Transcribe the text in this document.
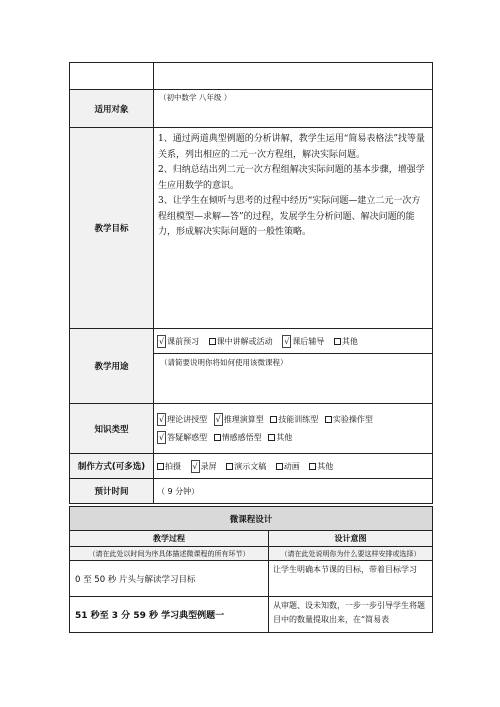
适用对象	（初中数学 八年级 ）
教学目标	1、通过两道典型例题的分析讲解，教学生运用“简易表格法”找等量关系，列出相应的二元一次方程组，解决实际问题。

2、归纳总结出列二元一次方程组解决实际问题的基本步骤，增强学生应用数学的意识。

3、让学生在倾听与思考的过程中经历“实际问题—建立二元一次方程组模型—求解—答”的过程，发展学生分析问题、解决问题的能力，形成解决实际问题的一般性策略。

教学用途	√ 课前预习 课中讲解或活动 √ 课后辅导 其他
	（请简要说明你将如何使用该微课程）
知识类型	√ 理论讲授型 √ 推理演算型 技能训练型 实验操作型
√ 答疑解惑型 情感感悟型 其他

制作方式(可多选)	拍摄 √ 录屏 演示文稿 动画 其他
预计时间	（ 9 分钟）
微课程设计	
教学过程	设计意图
（请在此处以时间为序具体描述微课程的所有环节）	（请在此处说明你为什么要这样安排或选择）
0 至 50 秒 片头与解读学习目标	让学生明确本节课的目标，带着目标学习
51 秒至 3 分 59 秒 学习典型例题一	从审题、设未知数，一步一步引导学生将题目中的数量提取出来，在“简易表
